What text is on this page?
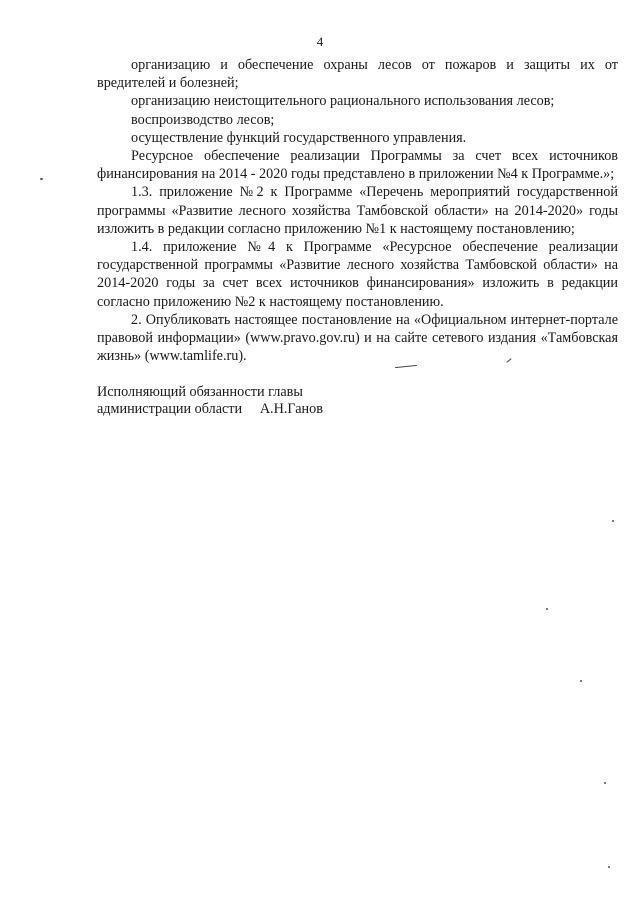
4

организацию и обеспечение охраны лесов от пожаров и защиты их от вредителей и болезней;

организацию неистощительного рационального использования лесов;

воспроизводство лесов;

осуществление функций государственного управления.

Ресурсное обеспечение реализации Программы за счет всех источников финансирования на 2014 - 2020 годы представлено в приложении №4 к Программе.»;

1.3. приложение №2 к Программе «Перечень мероприятий государственной программы «Развитие лесного хозяйства Тамбовской области» на 2014-2020» годы изложить в редакции согласно приложению №1 к настоящему постановлению;

1.4. приложение №4 к Программе «Ресурсное обеспечение реализации государственной программы «Развитие лесного хозяйства Тамбовской области» на 2014-2020 годы за счет всех источников финансирования» изложить в редакции согласно приложению №2 к настоящему постановлению.

2. Опубликовать настоящее постановление на «Официальном интернет-портале правовой информации» (www.pravo.gov.ru) и на сайте сетевого издания «Тамбовская жизнь» (www.tamlife.ru).

Исполняющий обязанности главы
администрации области     А.Н.Ганов
